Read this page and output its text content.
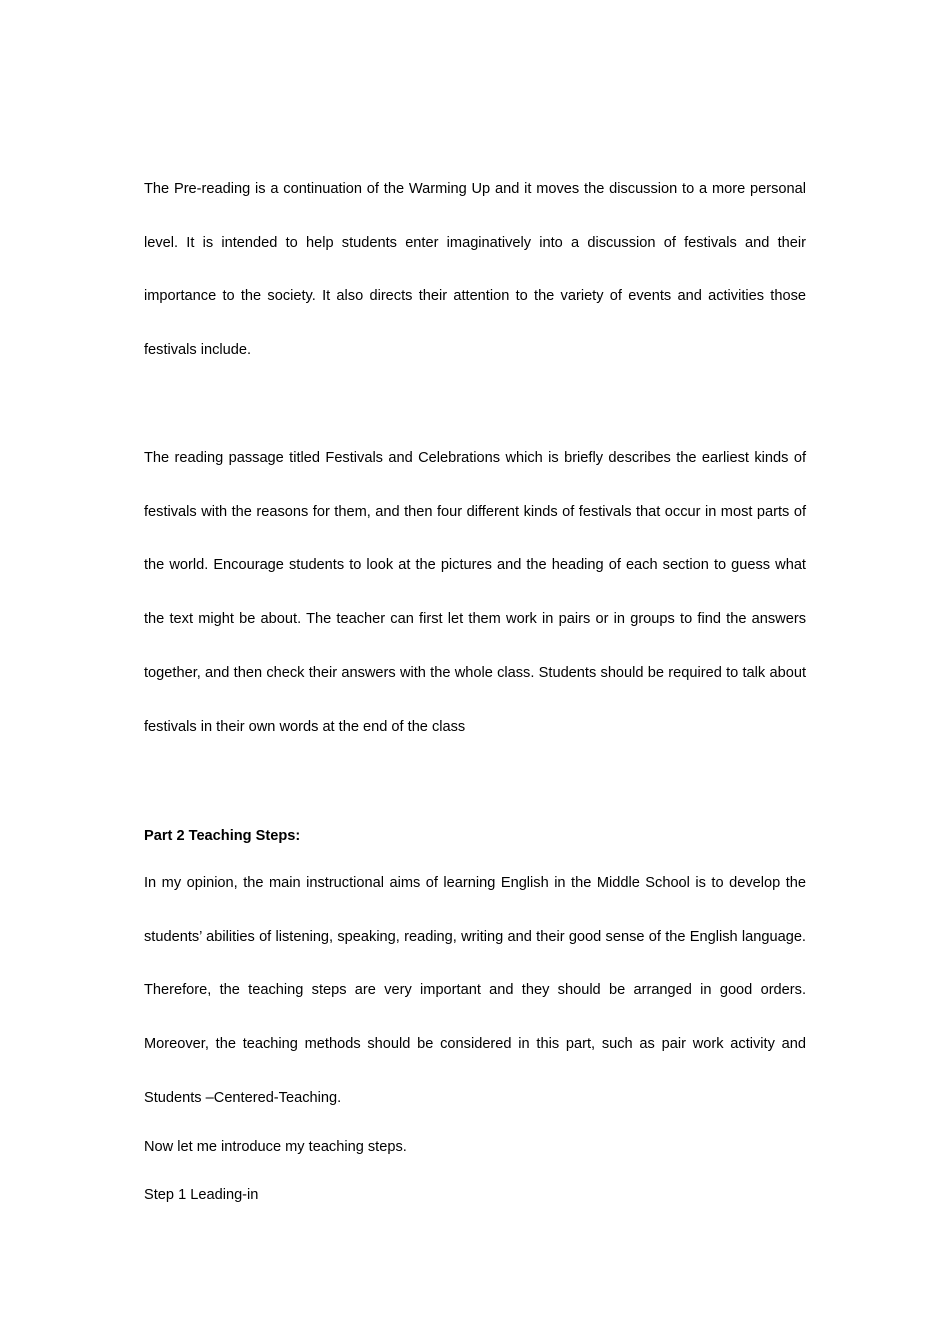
The Pre-reading is a continuation of the Warming Up and it moves the discussion to a more personal level. It is intended to help students enter imaginatively into a discussion of festivals and their importance to the society. It also directs their attention to the variety of events and activities those festivals include.

The reading passage titled Festivals and Celebrations which is briefly describes the earliest kinds of festivals with the reasons for them, and then four different kinds of festivals that occur in most parts of the world. Encourage students to look at the pictures and the heading of each section to guess what the text might be about. The teacher can first let them work in pairs or in groups to find the answers together, and then check their answers with the whole class. Students should be required to talk about festivals in their own words at the end of the class

Part 2 Teaching Steps:

In my opinion, the main instructional aims of learning English in the Middle School is to develop the students’ abilities of listening, speaking, reading, writing and their good sense of the English language. Therefore, the teaching steps are very important and they should be arranged in good orders. Moreover, the teaching methods should be considered in this part, such as pair work activity and Students –Centered-Teaching.

Now let me introduce my teaching steps.

Step 1 Leading-in
